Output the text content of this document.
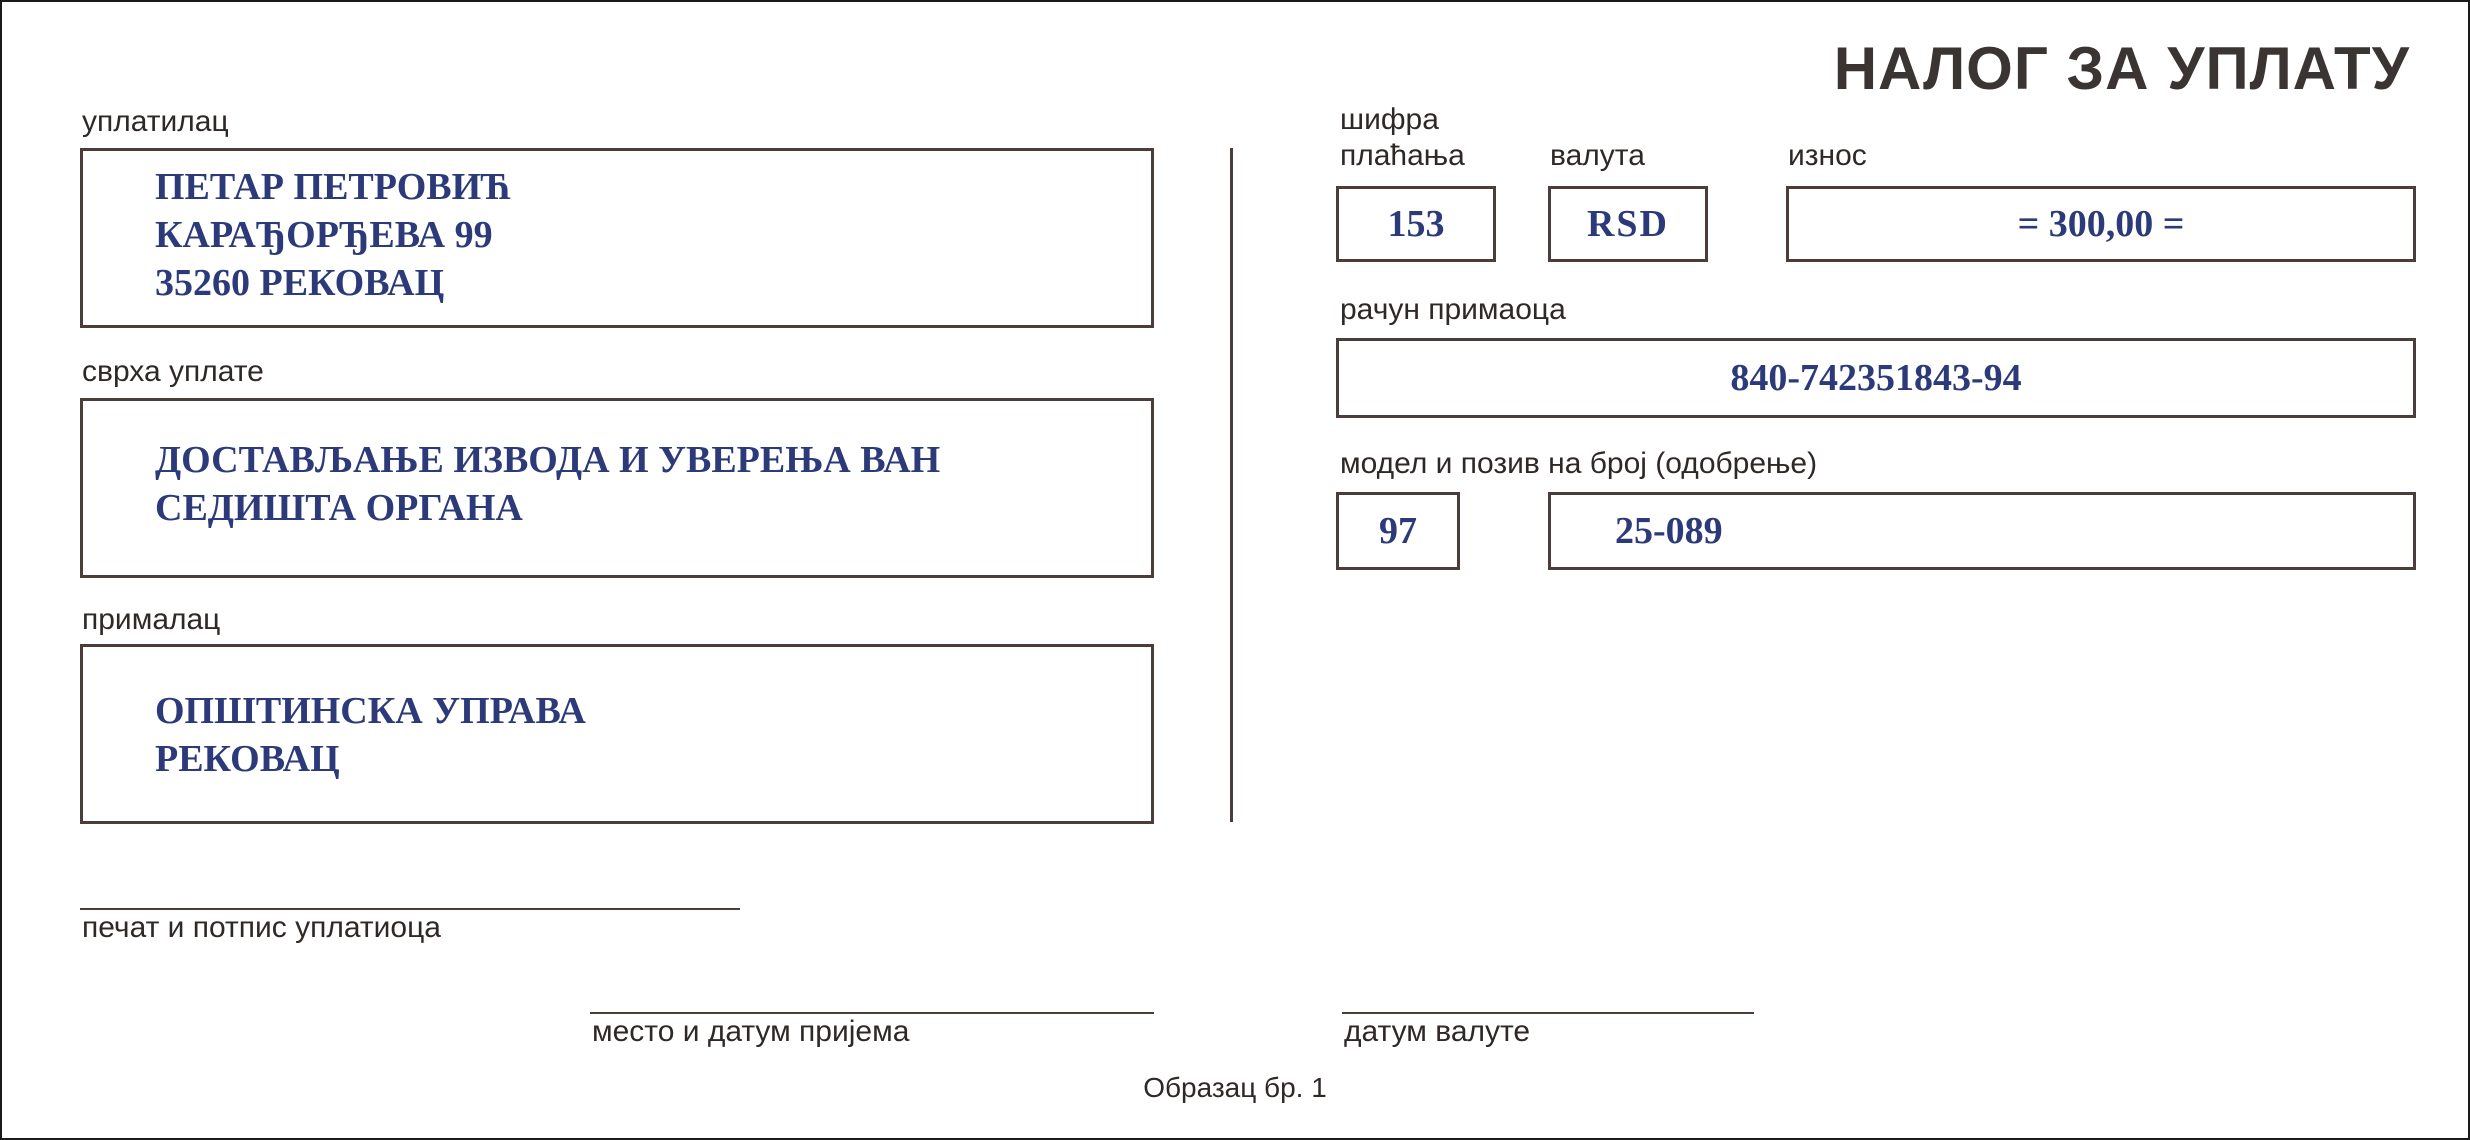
НАЛОГ ЗА УПЛАТУ
уплатилац
ПЕТАР ПЕТРОВИЋ
КАРАЂОРЂЕВА 99
35260 РЕКОВАЦ
сврха уплате
ДОСТАВЉАЊЕ ИЗВОДА И УВЕРЕЊА ВАН
СЕДИШТА ОРГАНА
прималац
ОПШТИНСКА УПРАВА
РЕКОВАЦ
шифра
плаћања
153
валута
RSD
износ
= 300,00 =
рачун примаоца
840-742351843-94
модел и позив на број (одобрење)
97	25-089
печат и потпис уплатиоца
место и датум пријема	датум валуте
Образац бр. 1
